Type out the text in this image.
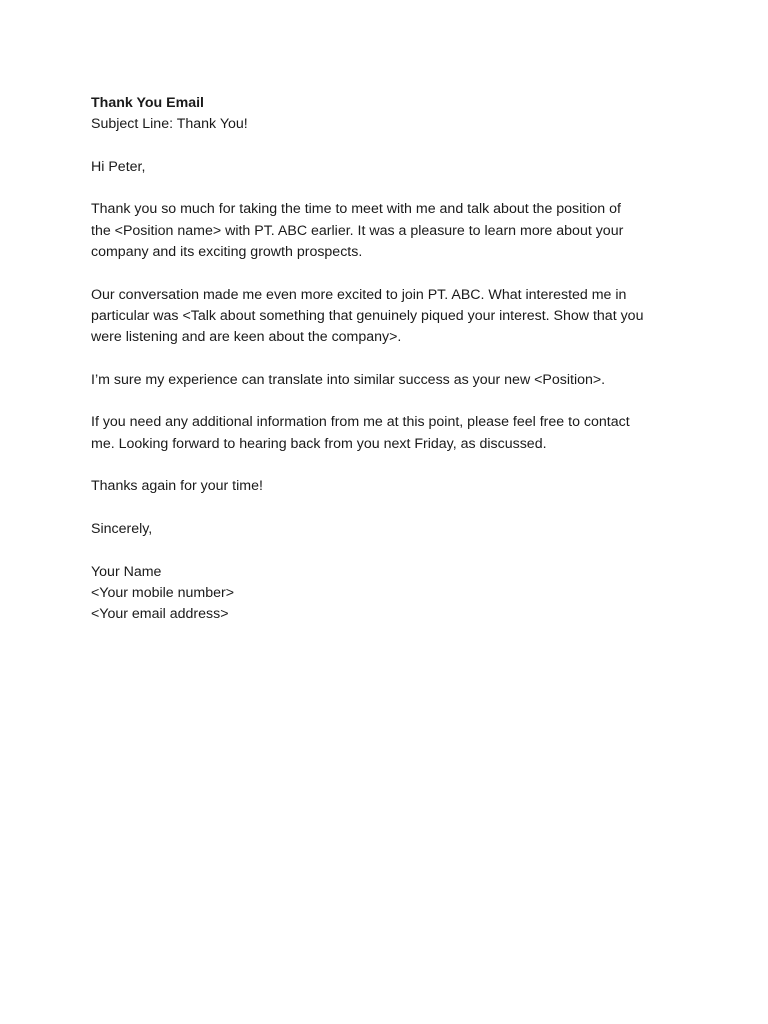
Thank You Email

Subject Line: Thank You!

Hi Peter,

Thank you so much for taking the time to meet with me and talk about the position of
the <Position name> with PT. ABC earlier. It was a pleasure to learn more about your
company and its exciting growth prospects.
Our conversation made me even more excited to join PT. ABC. What interested me in
particular was <Talk about something that genuinely piqued your interest. Show that you
were listening and are keen about the company>.
I’m sure my experience can translate into similar success as your new <Position>.
If you need any additional information from me at this point, please feel free to contact
me. Looking forward to hearing back from you next Friday, as discussed.
Thanks again for your time!
Sincerely,
Your Name
<Your mobile number>
<Your email address>
